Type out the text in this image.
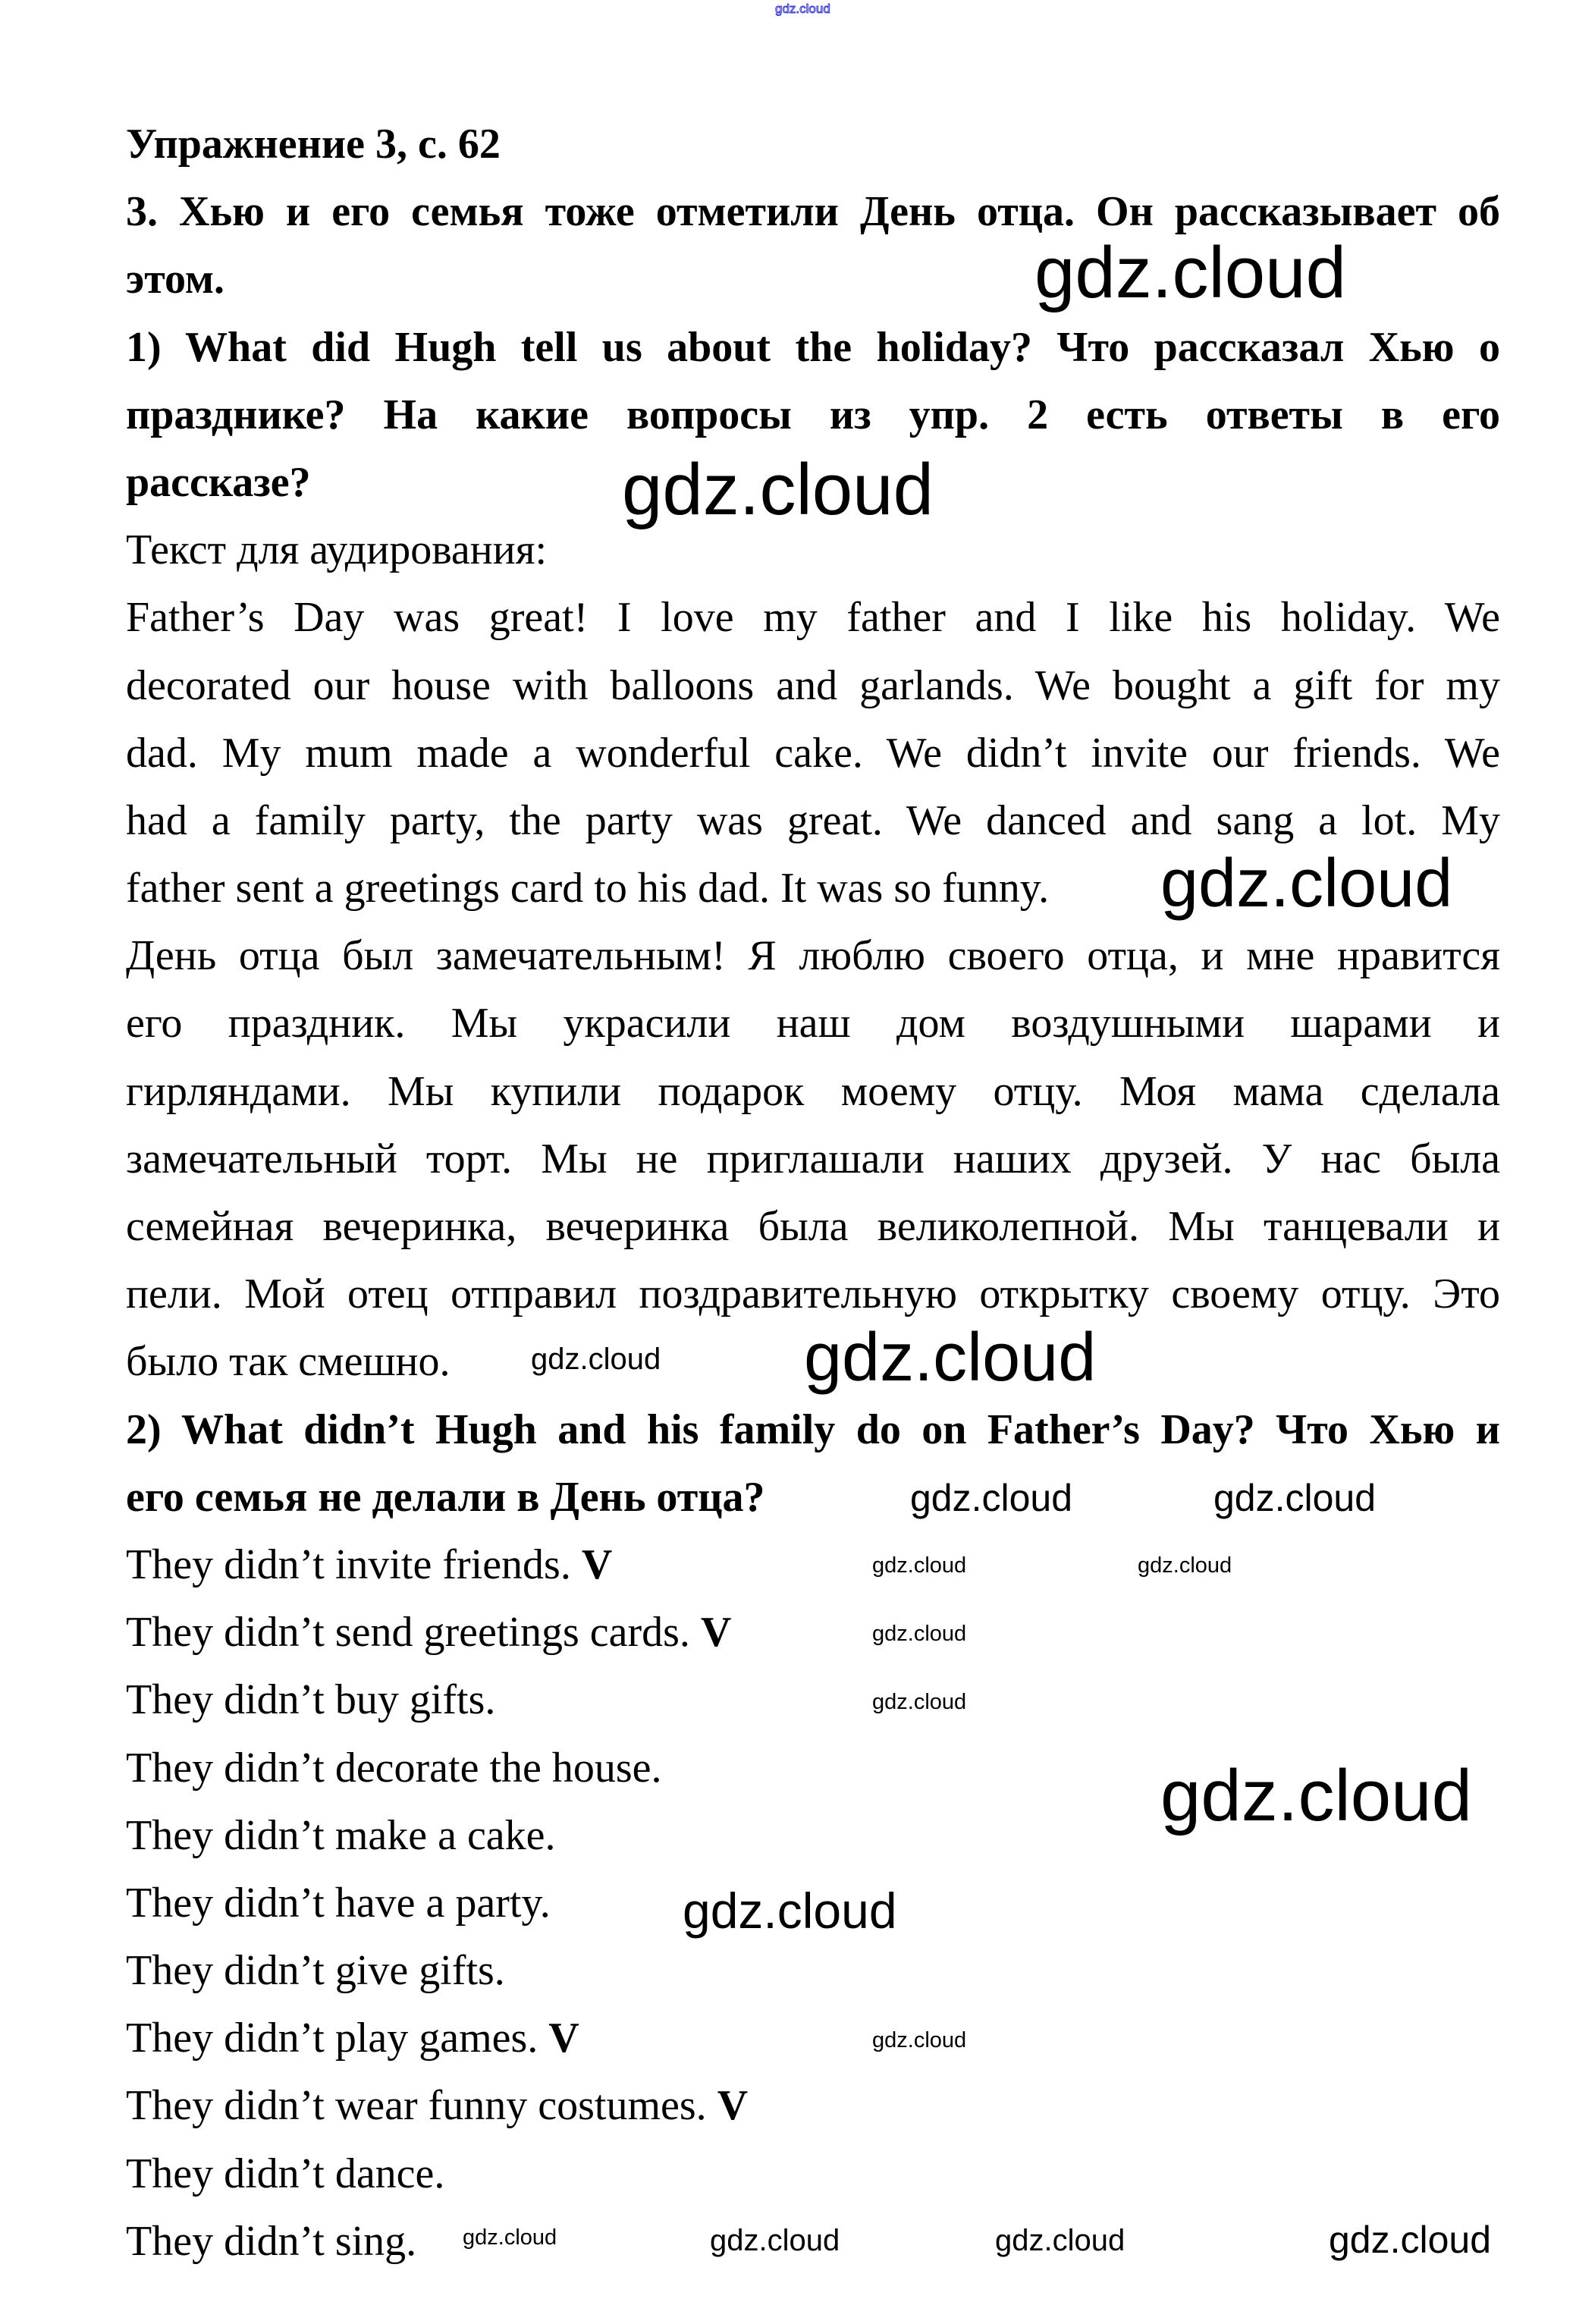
gdz.cloud
Упражнение 3, с. 62
3. Хью и его семья тоже отметили День отца. Он рассказывает об
этом.
1) What did Hugh tell us about the holiday? Что рассказал Хью о
празднике? На какие вопросы из упр. 2 есть ответы в его
рассказе?
Текст для аудирования:
Father’s Day was great! I love my father and I like his holiday. We
decorated our house with balloons and garlands. We bought a gift for my
dad. My mum made a wonderful cake. We didn’t invite our friends. We
had a family party, the party was great. We danced and sang a lot. My
father sent a greetings card to his dad. It was so funny.
День отца был замечательным! Я люблю своего отца, и мне нравится
его праздник. Мы украсили наш дом воздушными шарами и
гирляндами. Мы купили подарок моему отцу. Моя мама сделала
замечательный торт. Мы не приглашали наших друзей. У нас была
семейная вечеринка, вечеринка была великолепной. Мы танцевали и
пели. Мой отец отправил поздравительную открытку своему отцу. Это
было так смешно.
2) What didn’t Hugh and his family do on Father’s Day? Что Хью и
его семья не делали в День отца?
They didn’t invite friends. V
They didn’t send greetings cards. V
They didn’t buy gifts.
They didn’t decorate the house.
They didn’t make a cake.
They didn’t have a party.
They didn’t give gifts.
They didn’t play games. V
They didn’t wear funny costumes. V
They didn’t dance.
They didn’t sing.
gdz.cloud
gdz.cloud
gdz.cloud
gdz.cloud
gdz.cloud
gdz.cloud
gdz.cloud
gdz.cloud
gdz.cloud	gdz.cloud
gdz.cloud
gdz.cloud
gdz.cloud
gdz.cloud
gdz.cloud	gdz.cloud	gdz.cloud	gdz.cloud
